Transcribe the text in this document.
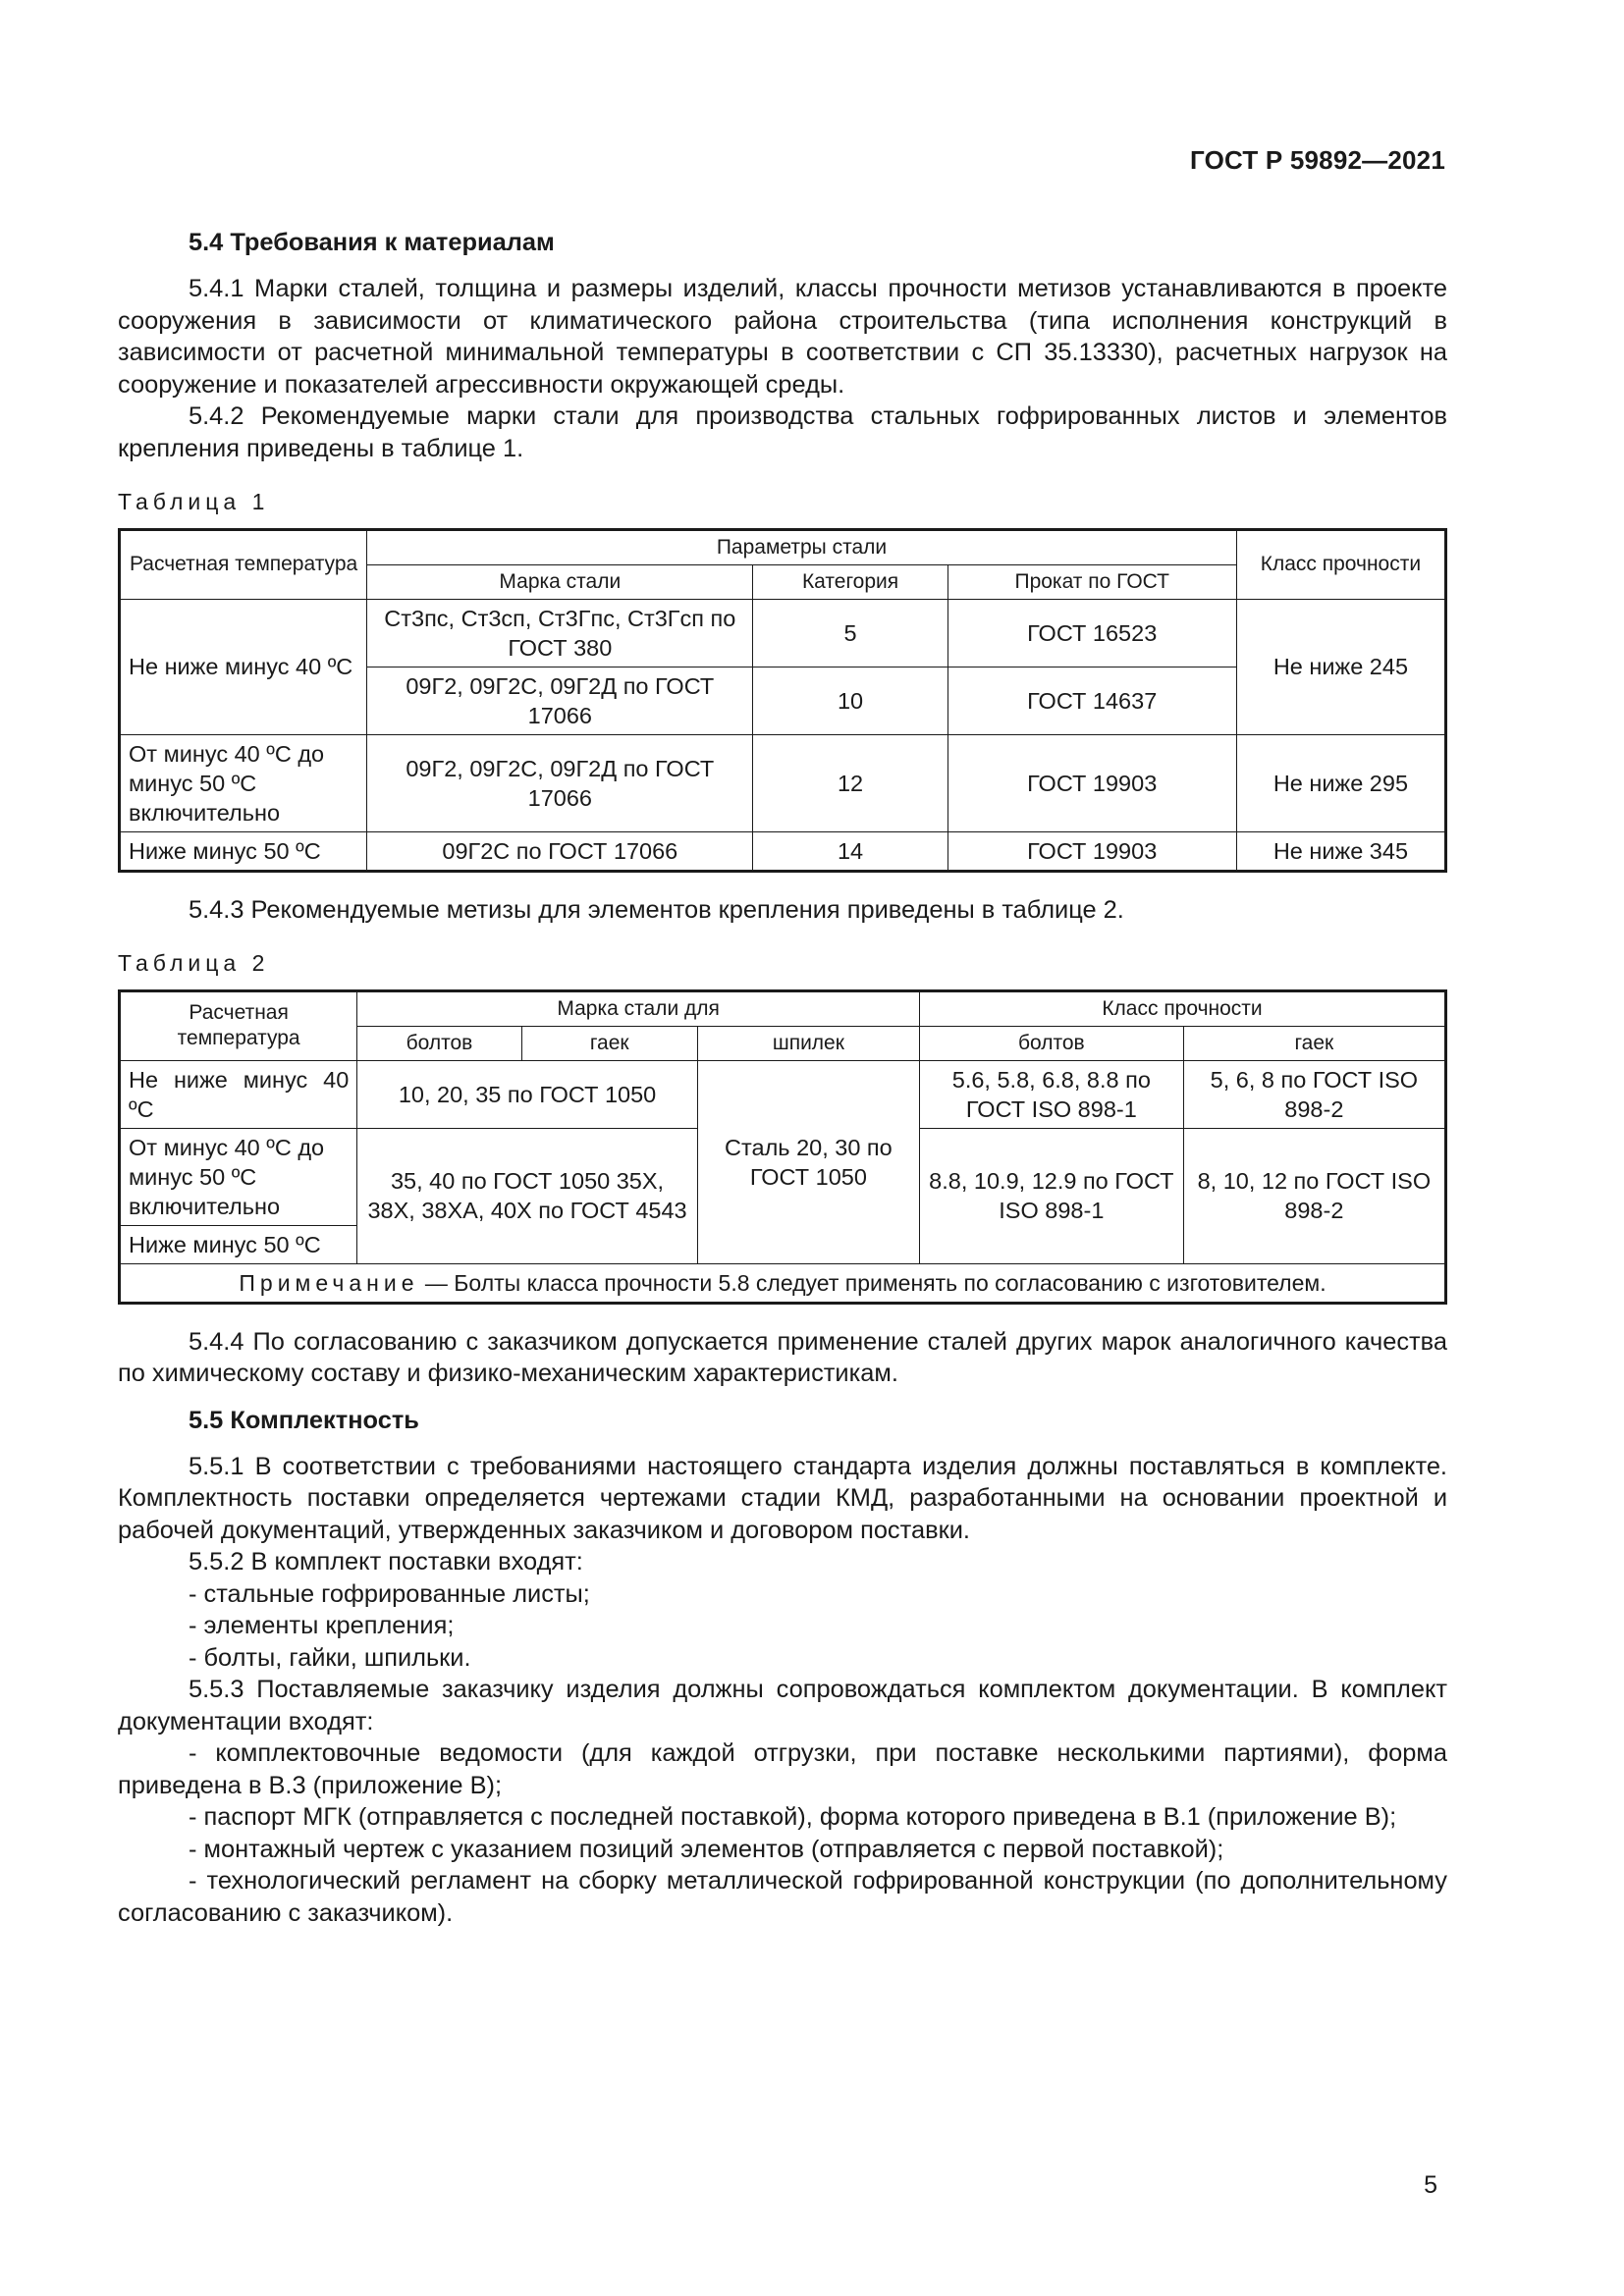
ГОСТ Р 59892—2021
5.4 Требования к материалам

5.4.1 Марки сталей, толщина и размеры изделий, классы прочности метизов устанавливаются в проекте сооружения в зависимости от климатического района строительства (типа исполнения конструкций в зависимости от расчетной минимальной температуры в соответствии с СП 35.13330), расчетных нагрузок на сооружение и показателей агрессивности окружающей среды.

5.4.2 Рекомендуемые марки стали для производства стальных гофрированных листов и элементов крепления приведены в таблице 1.

Таблица 1
Расчетная температура	Параметры стали			Класс прочности
	Марка стали	Категория	Прокат по ГОСТ	
Не ниже минус 40 ºС	Ст3пс, Ст3сп, Ст3Гпс, Ст3Гсп по ГОСТ 380	5	ГОСТ 16523	Не ниже 245
	09Г2, 09Г2С, 09Г2Д по ГОСТ 17066	10	ГОСТ 14637	
От минус 40 ºС до минус 50 ºС включительно	09Г2, 09Г2С, 09Г2Д по ГОСТ 17066	12	ГОСТ 19903	Не ниже 295
Ниже минус 50 ºС	09Г2С по ГОСТ 17066	14	ГОСТ 19903	Не ниже 345

5.4.3 Рекомендуемые метизы для элементов крепления приведены в таблице 2.

Таблица 2
Расчетная температура	Марка стали для			Класс прочности	
	болтов	гаек	шпилек	болтов	гаек
Не ниже минус 40 ºС	10, 20, 35 по ГОСТ 1050		Сталь 20, 30 по ГОСТ 1050	5.6, 5.8, 6.8, 8.8 по ГОСТ ISO 898-1	5, 6, 8 по ГОСТ ISO 898-2
От минус 40 ºС до минус 50 ºС включительно	35, 40 по ГОСТ 1050 35Х, 38Х, 38ХА, 40Х по ГОСТ 4543			8.8, 10.9, 12.9 по ГОСТ ISO 898-1	8, 10, 12 по ГОСТ ISO 898-2
Ниже минус 50 ºС					
Примечание — Болты класса прочности 5.8 следует применять по согласованию с изготовителем.					

5.4.4 По согласованию с заказчиком допускается применение сталей других марок аналогичного качества по химическому составу и физико-механическим характеристикам.

5.5 Комплектность

5.5.1 В соответствии с требованиями настоящего стандарта изделия должны поставляться в комплекте. Комплектность поставки определяется чертежами стадии КМД, разработанными на основании проектной и рабочей документаций, утвержденных заказчиком и договором поставки.

5.5.2 В комплект поставки входят:

- стальные гофрированные листы;

- элементы крепления;

- болты, гайки, шпильки.

5.5.3 Поставляемые заказчику изделия должны сопровождаться комплектом документации. В комплект документации входят:

- комплектовочные ведомости (для каждой отгрузки, при поставке несколькими партиями), форма приведена в В.3 (приложение В);

- паспорт МГК (отправляется с последней поставкой), форма которого приведена в В.1 (приложение В);

- монтажный чертеж с указанием позиций элементов (отправляется с первой поставкой);

- технологический регламент на сборку металлической гофрированной конструкции (по дополнительному согласованию с заказчиком).

5
